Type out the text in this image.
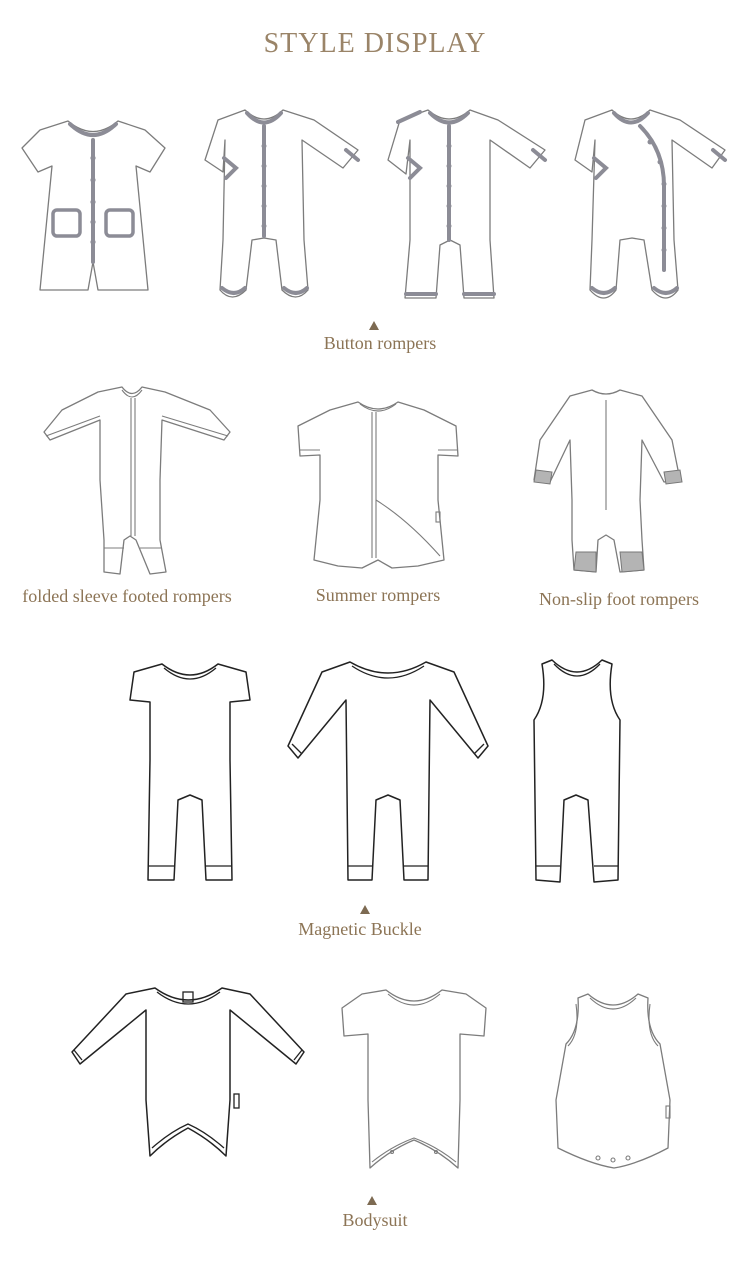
STYLE DISPLAY
Button rompers
folded sleeve footed rompers	Summer rompers	Non-slip foot rompers
Magnetic Buckle
Bodysuit
